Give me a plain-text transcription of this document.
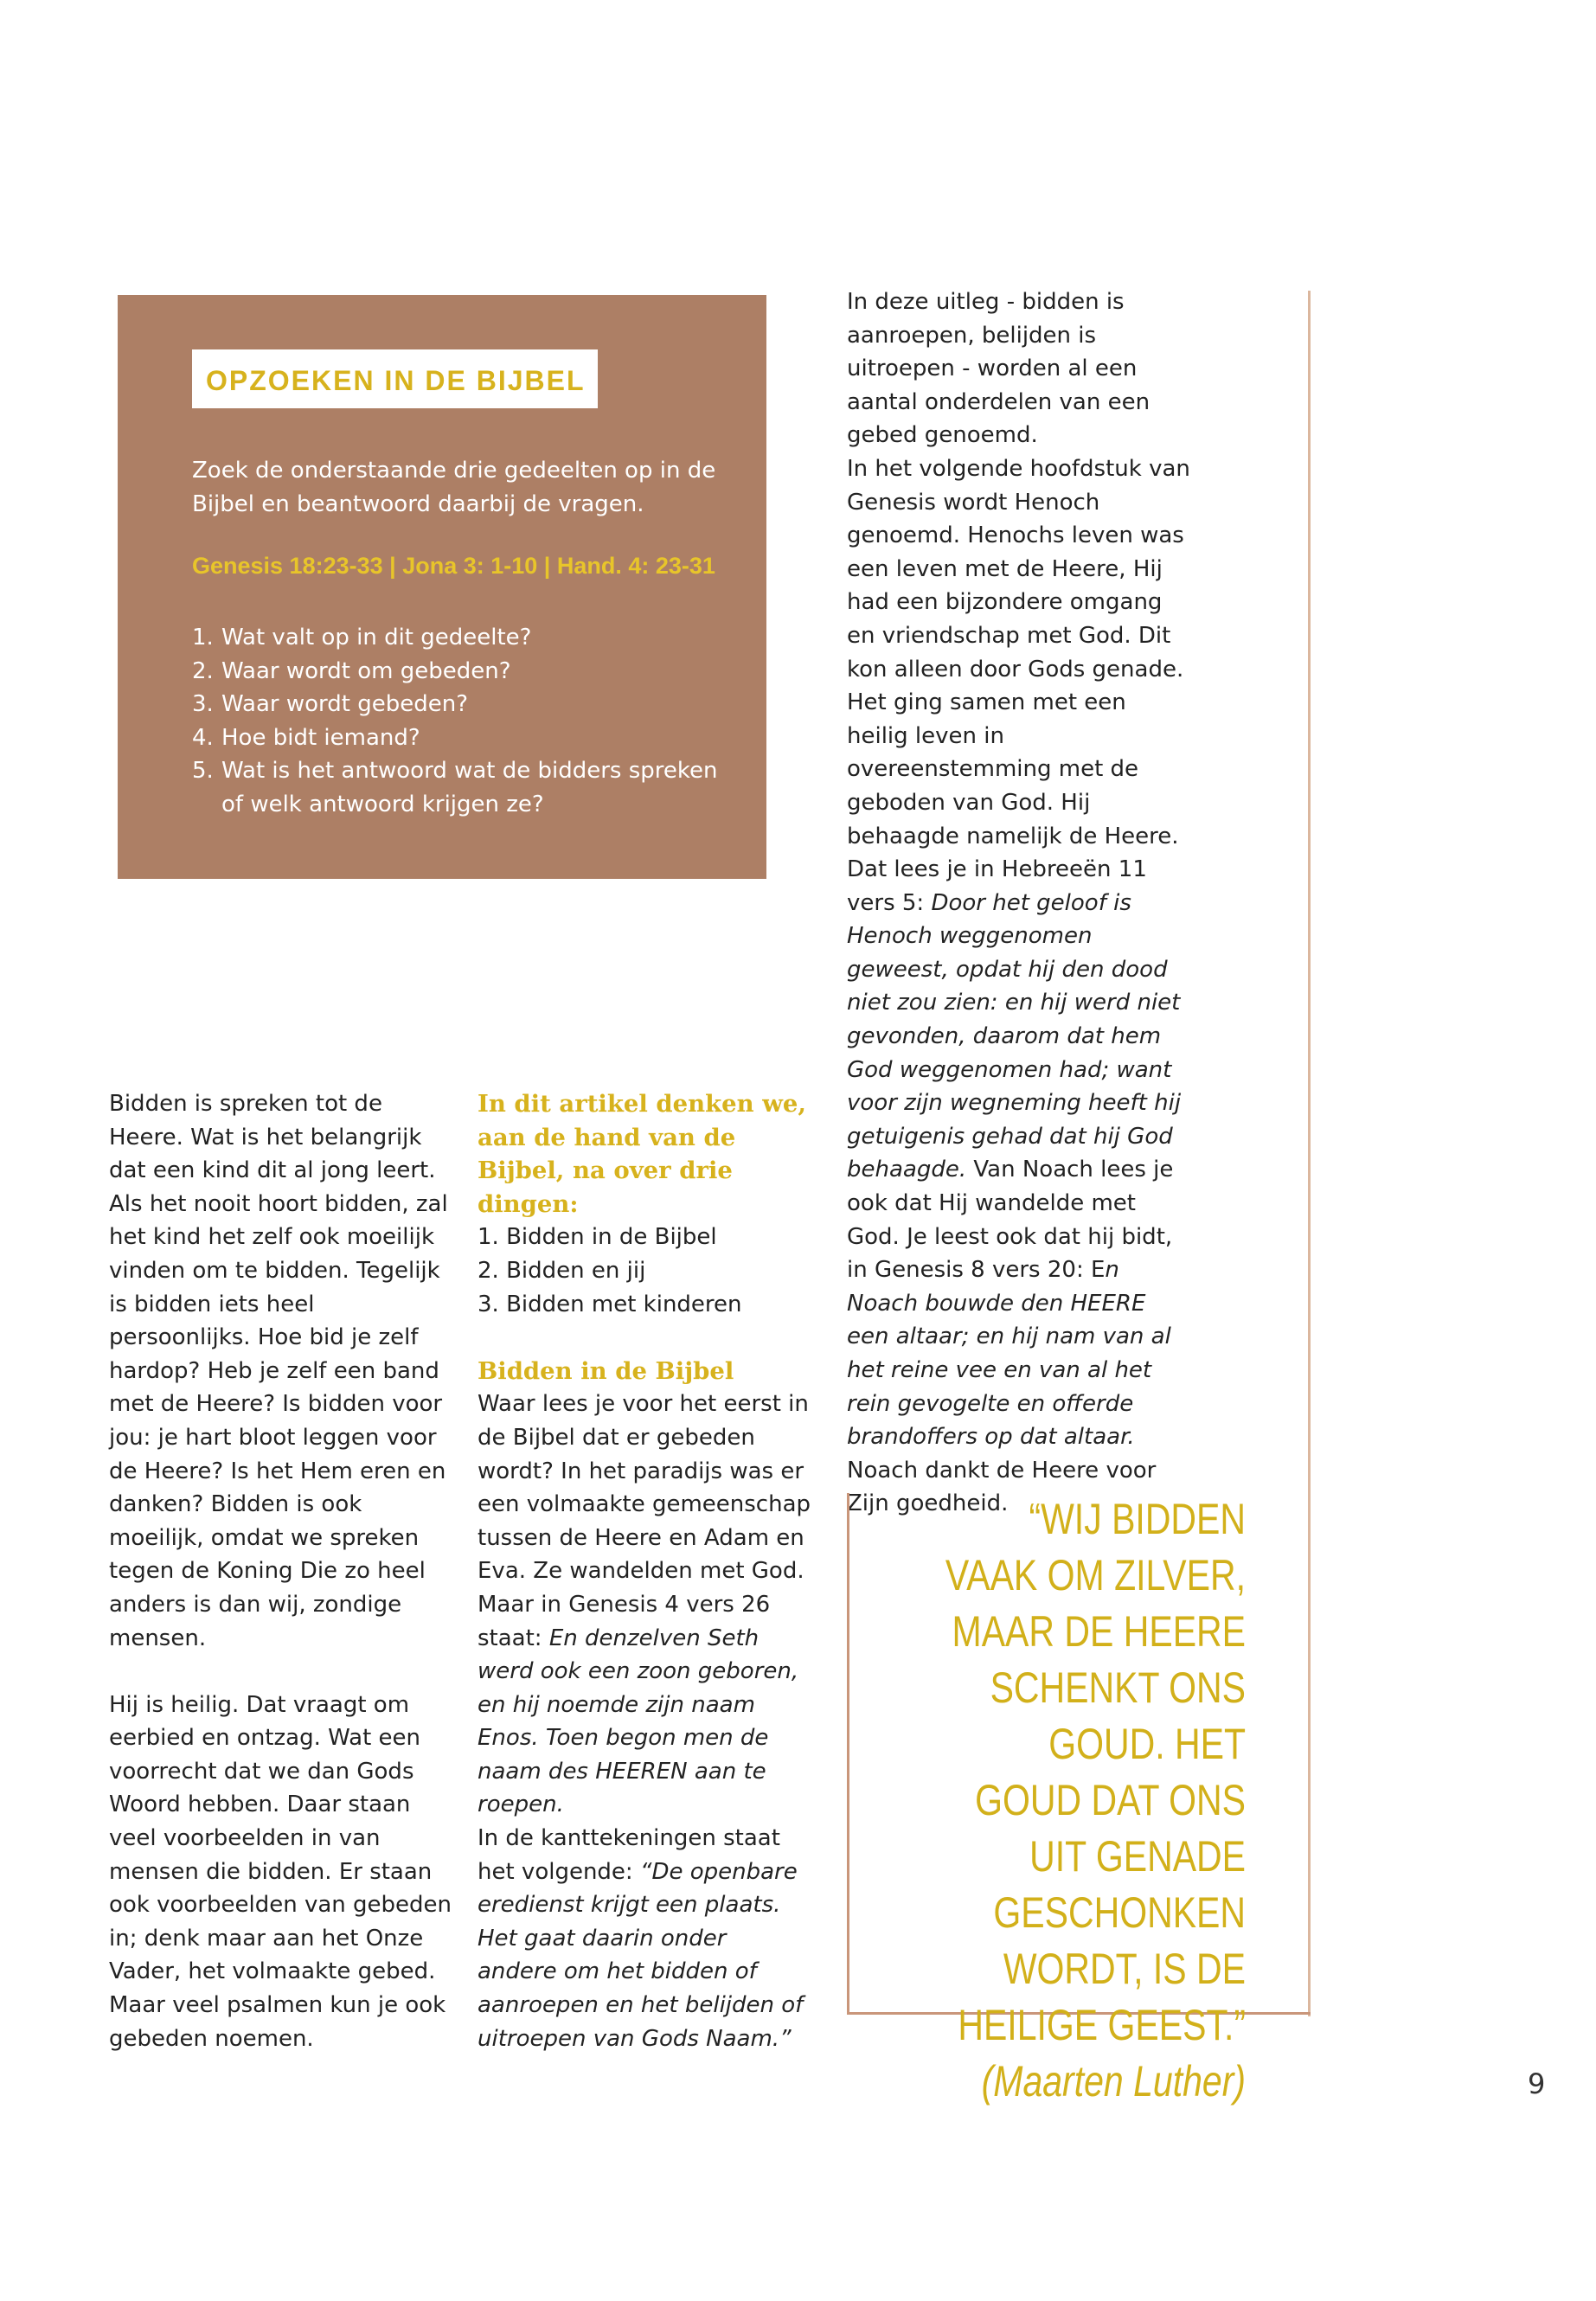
OPZOEKEN IN DE BIJBEL
Zoek de onderstaande drie gedeelten op in de Bijbel en beantwoord daarbij de vragen.
Genesis 18:23-33 | Jona 3: 1-10 | Hand. 4: 23-31
1. Wat valt op in dit gedeelte?
2. Waar wordt om gebeden?
3. Waar wordt gebeden?
4. Hoe bidt iemand?
5. Wat is het antwoord wat de bidders spreken of welk antwoord krijgen ze?

Bidden is spreken tot de Heere. Wat is het belangrijk dat een kind dit al jong leert. Als het nooit hoort bidden, zal het kind het zelf ook moeilijk vinden om te bidden. Tegelijk is bidden iets heel persoonlijks. Hoe bid je zelf hardop? Heb je zelf een band met de Heere? Is bidden voor jou: je hart bloot leggen voor de Heere? Is het Hem eren en danken? Bidden is ook moeilijk, omdat we spreken tegen de Koning Die zo heel anders is dan wij, zondige mensen.

Hij is heilig. Dat vraagt om eerbied en ontzag. Wat een voorrecht dat we dan Gods Woord hebben. Daar staan veel voorbeelden in van mensen die bidden. Er staan ook voorbeelden van gebeden in; denk maar aan het Onze Vader, het volmaakte gebed. Maar veel psalmen kun je ook gebeden noemen.

In dit artikel denken we, aan de hand van de Bijbel, na over drie dingen:

1. Bidden in de Bijbel

2. Bidden en jij

3. Bidden met kinderen

Bidden in de Bijbel

Waar lees je voor het eerst in de Bijbel dat er gebeden wordt? In het paradijs was er een volmaakte gemeenschap tussen de Heere en Adam en Eva. Ze wandelden met God. Maar in Genesis 4 vers 26 staat: En denzelven Seth werd ook een zoon geboren, en hij noemde zijn naam Enos. Toen begon men de naam des HEEREN aan te roepen.

In de kanttekeningen staat het volgende: “De openbare eredienst krijgt een plaats. Het gaat daarin onder andere om het bidden of aanroepen en het belijden of uitroepen van Gods Naam.”

In deze uitleg - bidden is aanroepen, belijden is uitroepen - worden al een aantal onderdelen van een gebed genoemd.

In het volgende hoofdstuk van Genesis wordt Henoch genoemd. Henochs leven was een leven met de Heere, Hij had een bijzondere omgang en vriendschap met God. Dit kon alleen door Gods genade. Het ging samen met een heilig leven in overeenstemming met de geboden van God. Hij behaagde namelijk de Heere. Dat lees je in Hebreeën 11 vers 5: Door het geloof is Henoch weggenomen geweest, opdat hij den dood niet zou zien: en hij werd niet gevonden, daarom dat hem God weggenomen had; want voor zijn wegneming heeft hij getuigenis gehad dat hij God behaagde. Van Noach lees je ook dat Hij wandelde met God. Je leest ook dat hij bidt, in Genesis 8 vers 20: En Noach bouwde den HEERE een altaar; en hij nam van al het reine vee en van al het rein gevogelte en offerde brandoffers op dat altaar. Noach dankt de Heere voor Zijn goedheid. “WIJ BIDDEN VAAK OM ZILVER, MAAR DE HEERE SCHENKT ONS GOUD. HET GOUD DAT ONS UIT GENADE GESCHONKEN WORDT, IS DE HEILIGE GEEST.”
(Maarten Luther)	9
